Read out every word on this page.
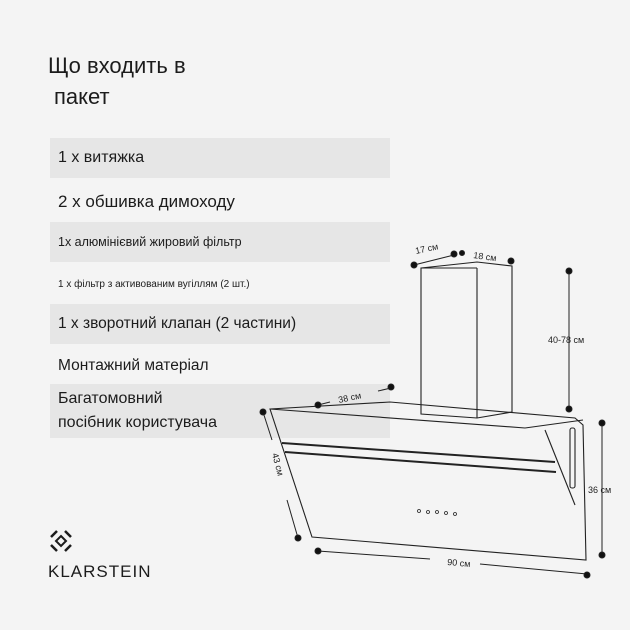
Що входить в
пакет
1 х витяжка
2 х обшивка димоходу
1х алюмінієвий жировий фільтр
1 х фільтр з активованим вугіллям (2 шт.)
1 х зворотний клапан (2 частини)
Монтажний матеріал
Багатомовний
посібник користувача
17 см
18 см
40-78 см
38 см
43 см
36 см
90 см
KLARSTEIN
